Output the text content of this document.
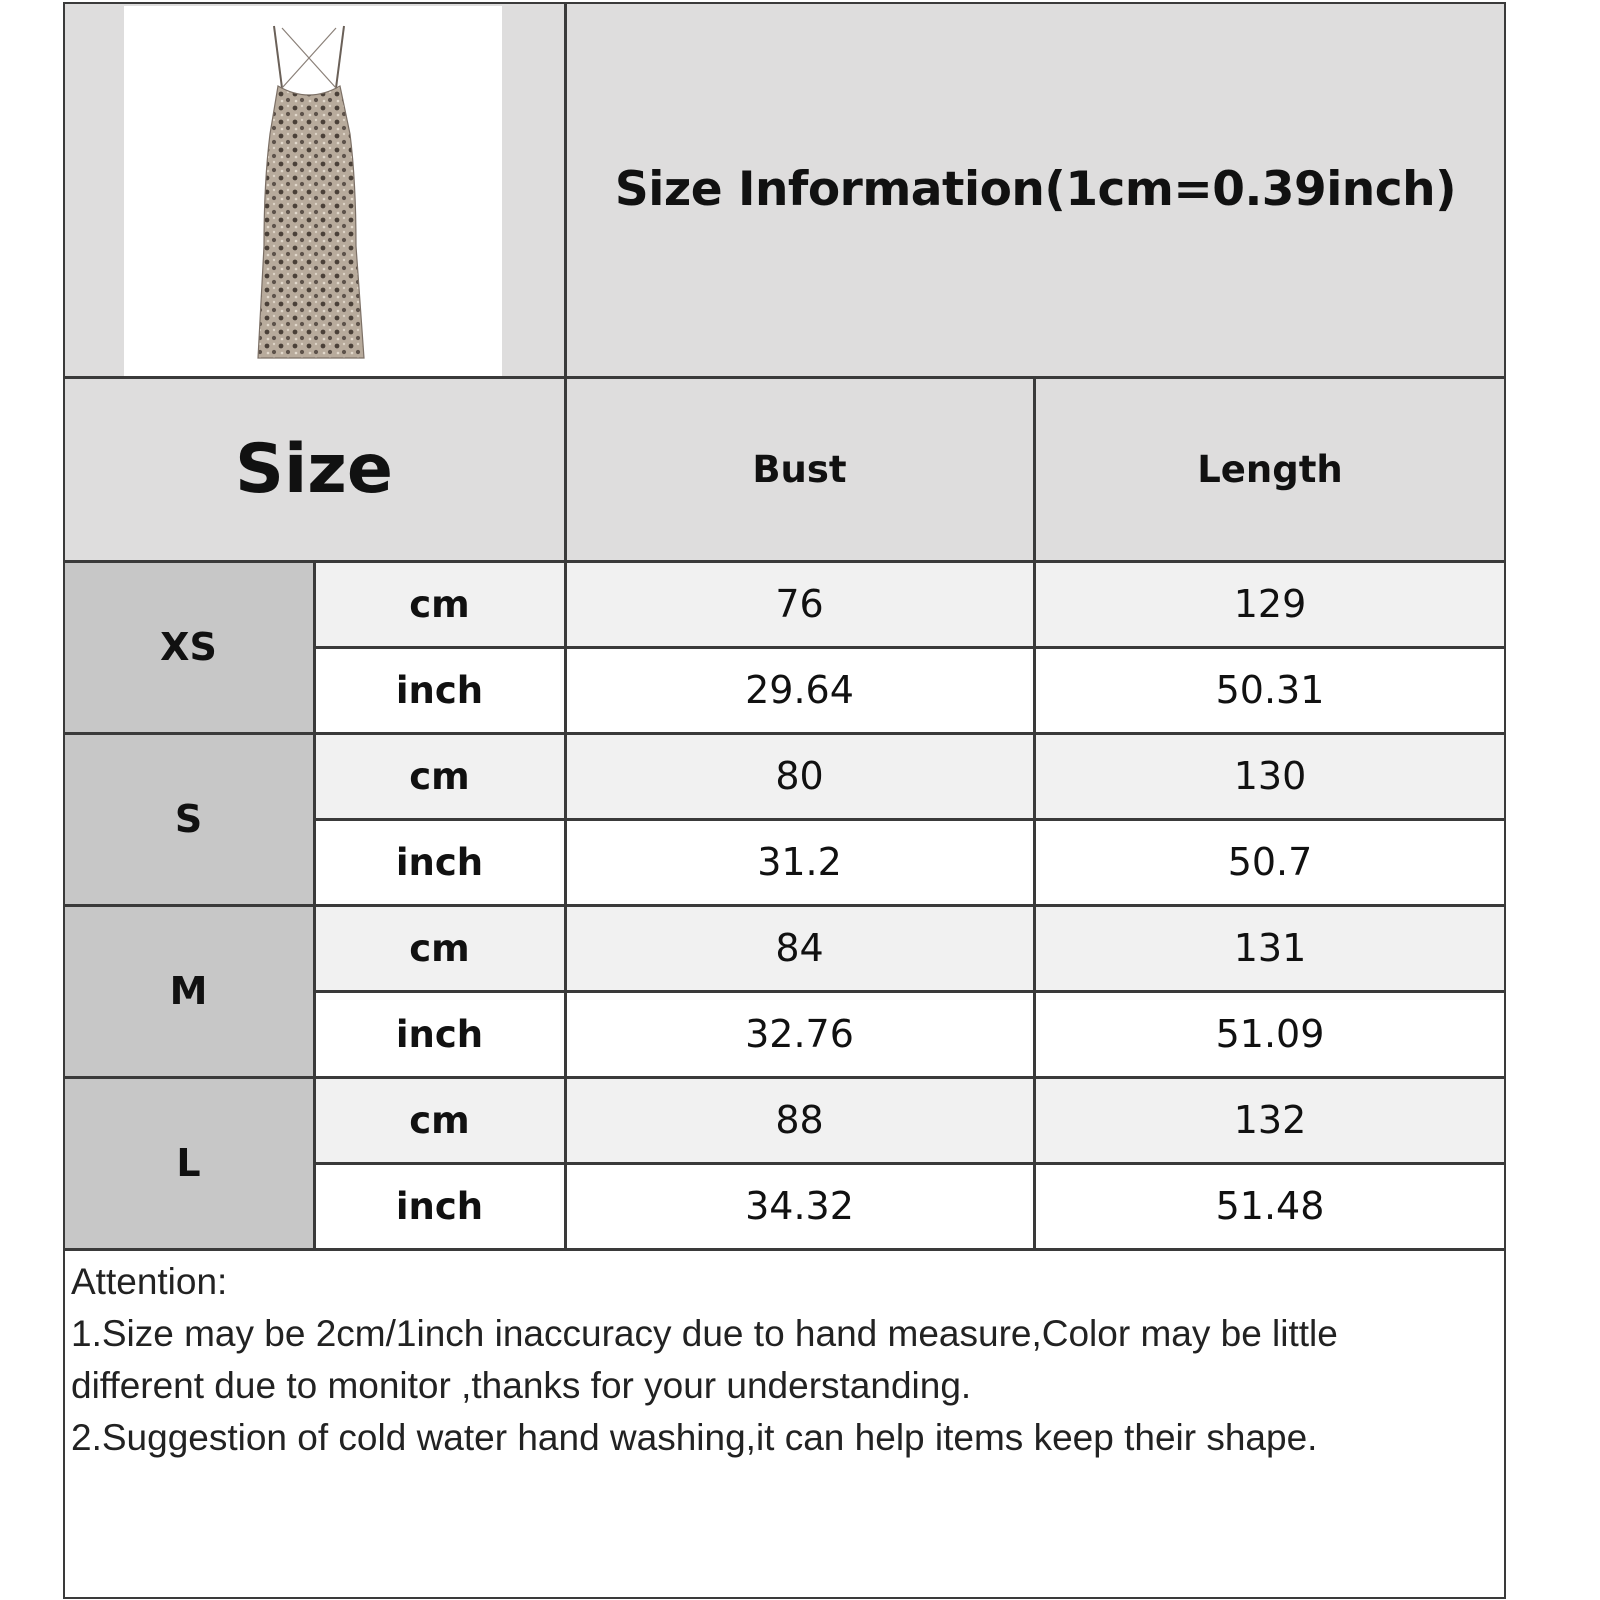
Size Information(1cm=0.39inch)
Size	Bust	Length
XS
cm	76	129
inch	29.64	50.31
S
cm	80	130
inch	31.2	50.7
M
cm	84	131
inch	32.76	51.09
L
cm	88	132
inch	34.32	51.48
Attention:
1.Size may be 2cm/1inch inaccuracy due to hand measure,Color may be little
different due to monitor ,thanks for your understanding.
2.Suggestion of cold water hand washing,it can help items keep their shape.
